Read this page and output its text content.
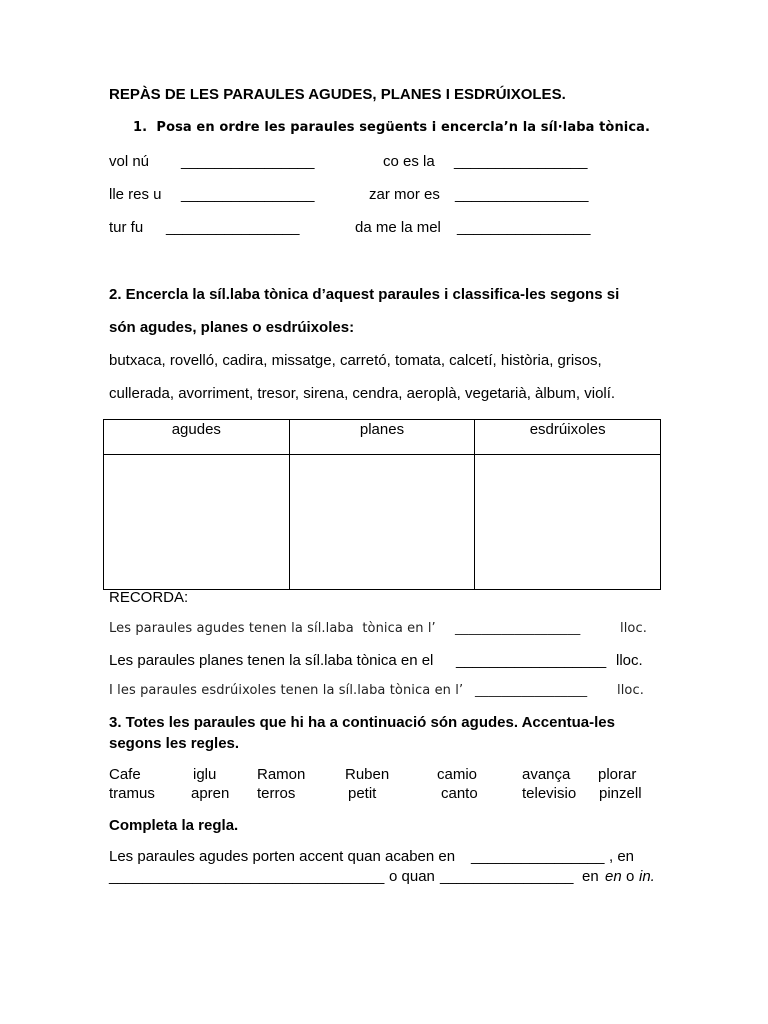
REPÀS DE LES PARAULES AGUDES, PLANES I ESDRÚIXOLES.
1.  Posa en ordre les paraules següents i encercla’n la síl·laba tònica.
vol nú ________________	co es la ________________
lle res u ________________	zar mor es ________________
tur fu ________________	da me la mel ________________
2. Encercla la síl.laba tònica d’aquest paraules i classifica-les segons si
són agudes, planes o esdrúixoles:
butxaca, rovelló, cadira, missatge, carretó, tomata, calcetí, història, grisos,
cullerada, avorriment, tresor, sirena, cendra, aeroplà, vegetarià, àlbum, violí.
agudes	planes	esdrúixoles

RECORDA:
Les paraules agudes tenen la síl.laba  tònica en l’ ___________________	lloc.
Les paraules planes tenen la síl.laba tònica en el __________________ lloc.
I les paraules esdrúixoles tenen la síl.laba tònica en l’ _________________ lloc.
3. Totes les paraules que hi ha a continuació són agudes. Accentua-les
segons les regles.
Cafe	iglu	Ramon	Ruben	camio	avança plorar
tramus apren terros	petit	canto	televisio pinzell
Completa la regla.
Les paraules agudes porten accent quan acaben en ________________ , en
_________________________________ o quan ________________ en en o in.
